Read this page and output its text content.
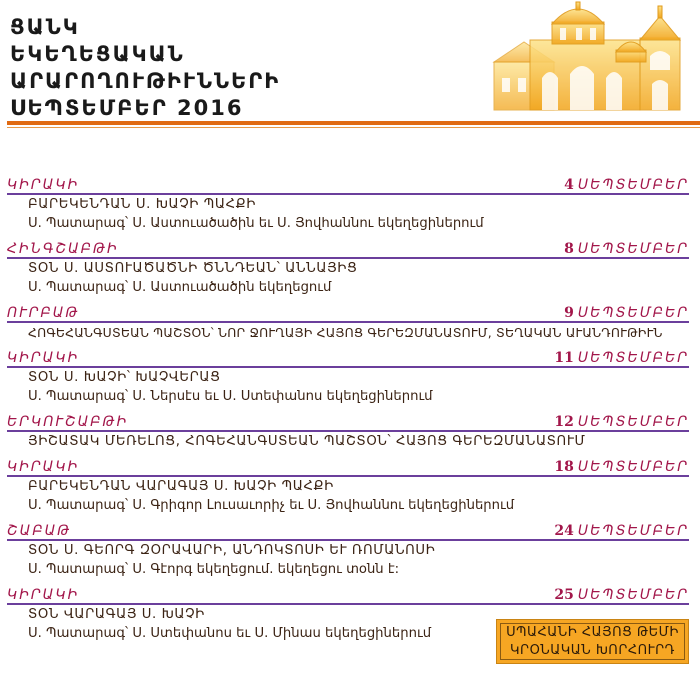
ՑԱՆԿ
ԵԿԵՂԵՑԱԿԱՆ
ԱՐԱՐՈՂՈՒԹԻՒՆՆԵՐԻ
ՍԵՊՏԵՄԲԵՐ 2016
ԿԻՐԱԿԻ	4 ՍԵՊՏԵՄԲԵՐ
ԲԱՐԵԿԵՆԴԱՆ Ս. ԽԱՉԻ ՊԱՀՔԻ
Ս. Պատարագ՝ Ս. Աստուածածին եւ Ս. Յովհաննու եկեղեցիներում
ՀԻՆԳՇԱԲԹԻ	8 ՍԵՊՏԵՄԲԵՐ
ՏՕՆ Ս. ԱՍՏՈՒԱԾԱԾՆԻ ԾՆՆԴԵԱՆ՝ ԱՆՆԱՅԻՑ
Ս. Պատարագ՝ Ս. Աստուածածին եկեղեցում
ՈՒՐԲԱԹ	9 ՍԵՊՏԵՄԲԵՐ
ՀՈԳԵՀԱՆԳՍՏԵԱՆ ՊԱՇՏՕՆ՝ ՆՈՐ ՋՈՒՂԱՅԻ ՀԱՅՈՑ ԳԵՐԵԶՄԱՆԱՏՈՒՄ, ՏԵՂԱԿԱՆ ԱՒԱՆԴՈՒԹԻՒՆ
ԿԻՐԱԿԻ	11 ՍԵՊՏԵՄԲԵՐ
ՏՕՆ Ս. ԽԱՉԻ՝ ԽԱՉՎԵՐԱՑ
Ս. Պատարագ՝ Ս. Ներսէս եւ Ս. Ստեփանոս եկեղեցիներում
ԵՐԿՈՒՇԱԲԹԻ	12 ՍԵՊՏԵՄԲԵՐ
ՅԻՇԱՏԱԿ ՄԵՌԵԼՈՑ, ՀՈԳԵՀԱՆԳՍՏԵԱՆ ՊԱՇՏՕՆ՝ ՀԱՅՈՑ ԳԵՐԵԶՄԱՆԱՏՈՒՄ
ԿԻՐԱԿԻ	18 ՍԵՊՏԵՄԲԵՐ
ԲԱՐԵԿԵՆԴԱՆ ՎԱՐԱԳԱՅ Ս. ԽԱՉԻ ՊԱՀՔԻ
Ս. Պատարագ՝ Ս. Գրիգոր Լուսաւորիչ եւ Ս. Յովհաննու եկեղեցիներում
ՇԱԲԱԹ	24 ՍԵՊՏԵՄԲԵՐ
ՏՕՆ Ս. ԳԵՈՐԳ ԶՕՐԱՎԱՐԻ, ԱՆԴՈԿՏՈՍԻ ԵՒ ՌՈՄԱՆՈՍԻ
Ս. Պատարագ՝ Ս. Գէորգ եկեղեցում. եկեղեցու տօնն է:
ԿԻՐԱԿԻ	25 ՍԵՊՏԵՄԲԵՐ
ՏՕՆ ՎԱՐԱԳԱՅ Ս. ԽԱՉԻ
Ս. Պատարագ՝ Ս. Ստեփանոս եւ Ս. Մինաս եկեղեցիներում	ՍՊԱՀԱՆԻ ՀԱՅՈՑ ԹԵՄԻ
ԿՐՕՆԱԿԱՆ ԽՈՐՀՈՒՐԴ
